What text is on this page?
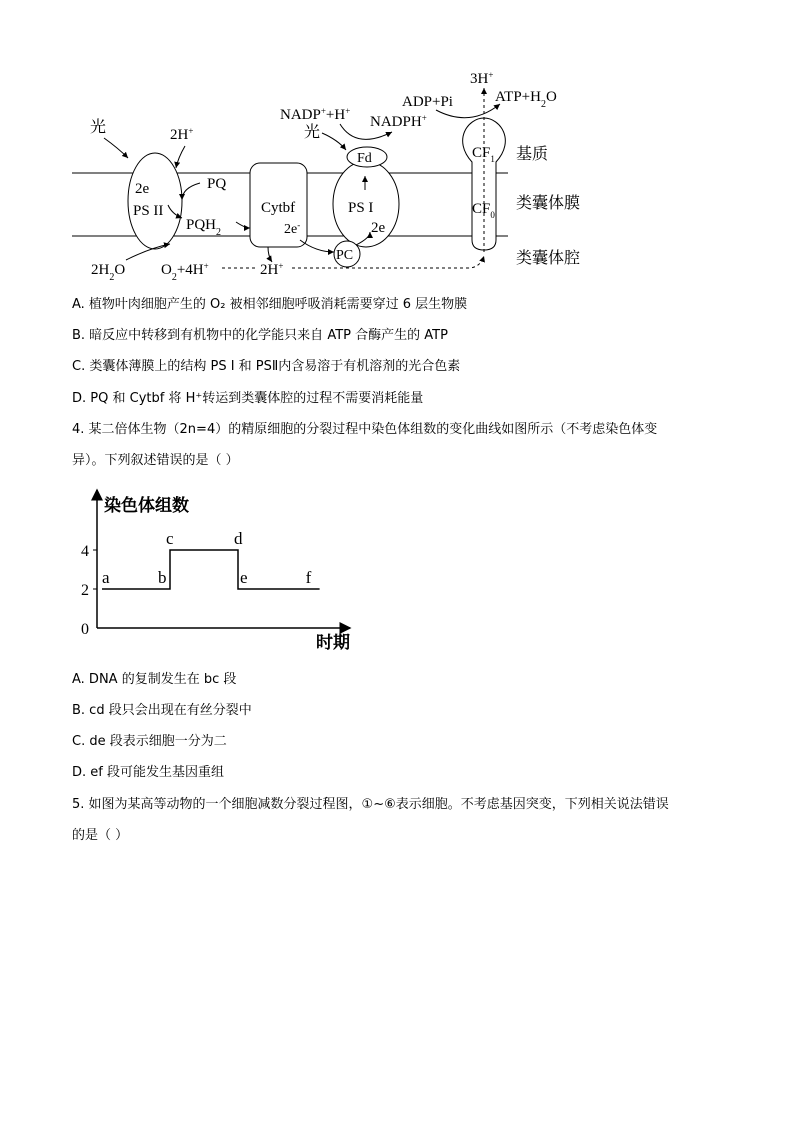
2e
PS II
光	2H+
PQ
$PQH_2$
Cytbf
2e-
PS I
2e
Fd
PC
NADP++H+
光	NADPH+
3H+
ADP+Pi	$ATP+H_2O$
$CF_1$
$CF_0$
$2H_2O$ $O_2+4H^+$	2H+
基质
类囊体膜
类囊体腔
A. 植物叶肉细胞产生的 O₂ 被相邻细胞呼吸消耗需要穿过 6 层生物膜
B. 暗反应中转移到有机物中的化学能只来自 ATP 合酶产生的 ATP
C. 类囊体薄膜上的结构 PS I 和 PSⅡ内含易溶于有机溶剂的光合色素
D. PQ 和 Cytbf 将 H⁺转运到类囊体腔的过程不需要消耗能量
4. 某二倍体生物（2n=4）的精原细胞的分裂过程中染色体组数的变化曲线如图所示（不考虑染色体变
异）。下列叙述错误的是（ ）
染色体组数
时期
0
2
4
a	b
c	d
e	f
A. DNA 的复制发生在 bc 段
B. cd 段只会出现在有丝分裂中
C. de 段表示细胞一分为二
D. ef 段可能发生基因重组
5. 如图为某高等动物的一个细胞减数分裂过程图，①~⑥表示细胞。不考虑基因突变，下列相关说法错误
的是（ ）
